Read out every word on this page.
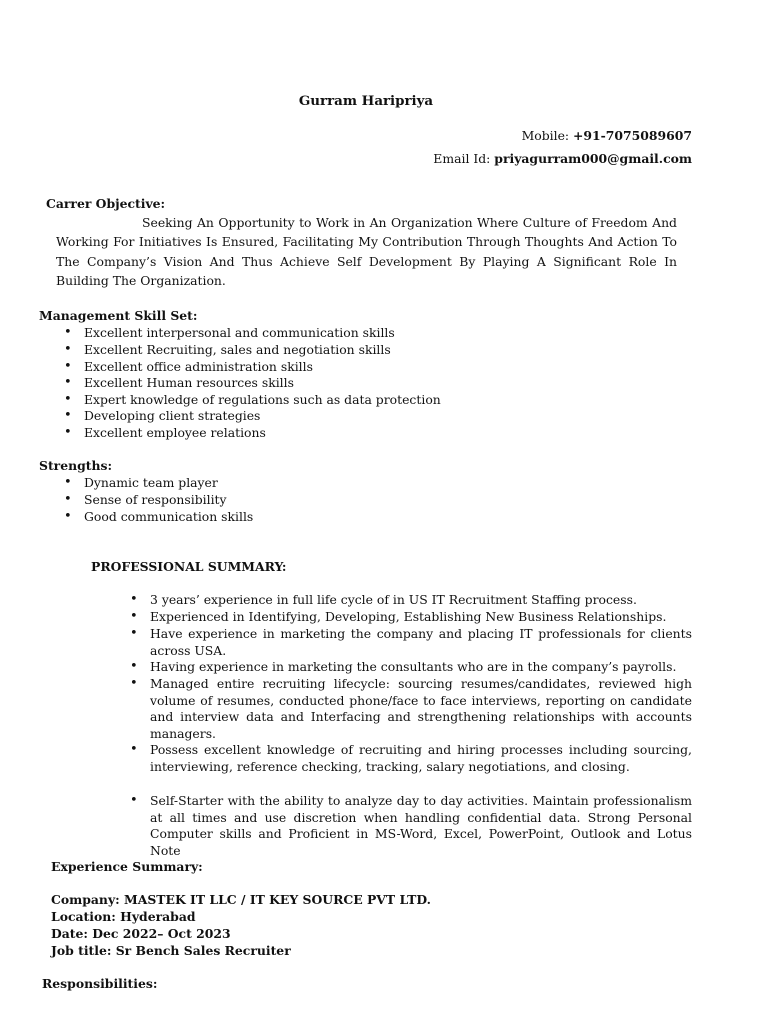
Gurram Haripriya
Mobile: +91-7075089607
Email Id: priyagurram000@gmail.com
Carrer Objective:
Seeking An Opportunity to Work in An Organization Where Culture of Freedom And Working For Initiatives Is Ensured, Facilitating My Contribution Through Thoughts And Action To The Company’s Vision And Thus Achieve Self Development By Playing A Significant Role In Building The Organization.
Management Skill Set:
• Excellent interpersonal and communication skills
• Excellent Recruiting, sales and negotiation skills
• Excellent office administration skills
• Excellent Human resources skills
• Expert knowledge of regulations such as data protection
• Developing client strategies
• Excellent employee relations
Strengths:
• Dynamic team player
• Sense of responsibility
• Good communication skills
PROFESSIONAL SUMMARY:
• 3 years’ experience in full life cycle of in US IT Recruitment Staffing process.
• Experienced in Identifying, Developing, Establishing New Business Relationships.
• Have experience in marketing the company and placing IT professionals for clients across USA.
• Having experience in marketing the consultants who are in the company’s payrolls.
• Managed entire recruiting lifecycle: sourcing resumes/candidates, reviewed high volume of resumes, conducted phone/face to face interviews, reporting on candidate and interview data and Interfacing and strengthening relationships with accounts managers.
• Possess excellent knowledge of recruiting and hiring processes including sourcing, interviewing, reference checking, tracking, salary negotiations, and closing.
• Self-Starter with the ability to analyze day to day activities. Maintain professionalism at all times and use discretion when handling confidential data. Strong Personal Computer skills and Proficient in MS-Word, Excel, PowerPoint, Outlook and Lotus Note
Experience Summary:
Company: MASTEK IT LLC / IT KEY SOURCE PVT LTD.
Location: Hyderabad
Date: Dec 2022– Oct 2023
Job title: Sr Bench Sales Recruiter
Responsibilities:
